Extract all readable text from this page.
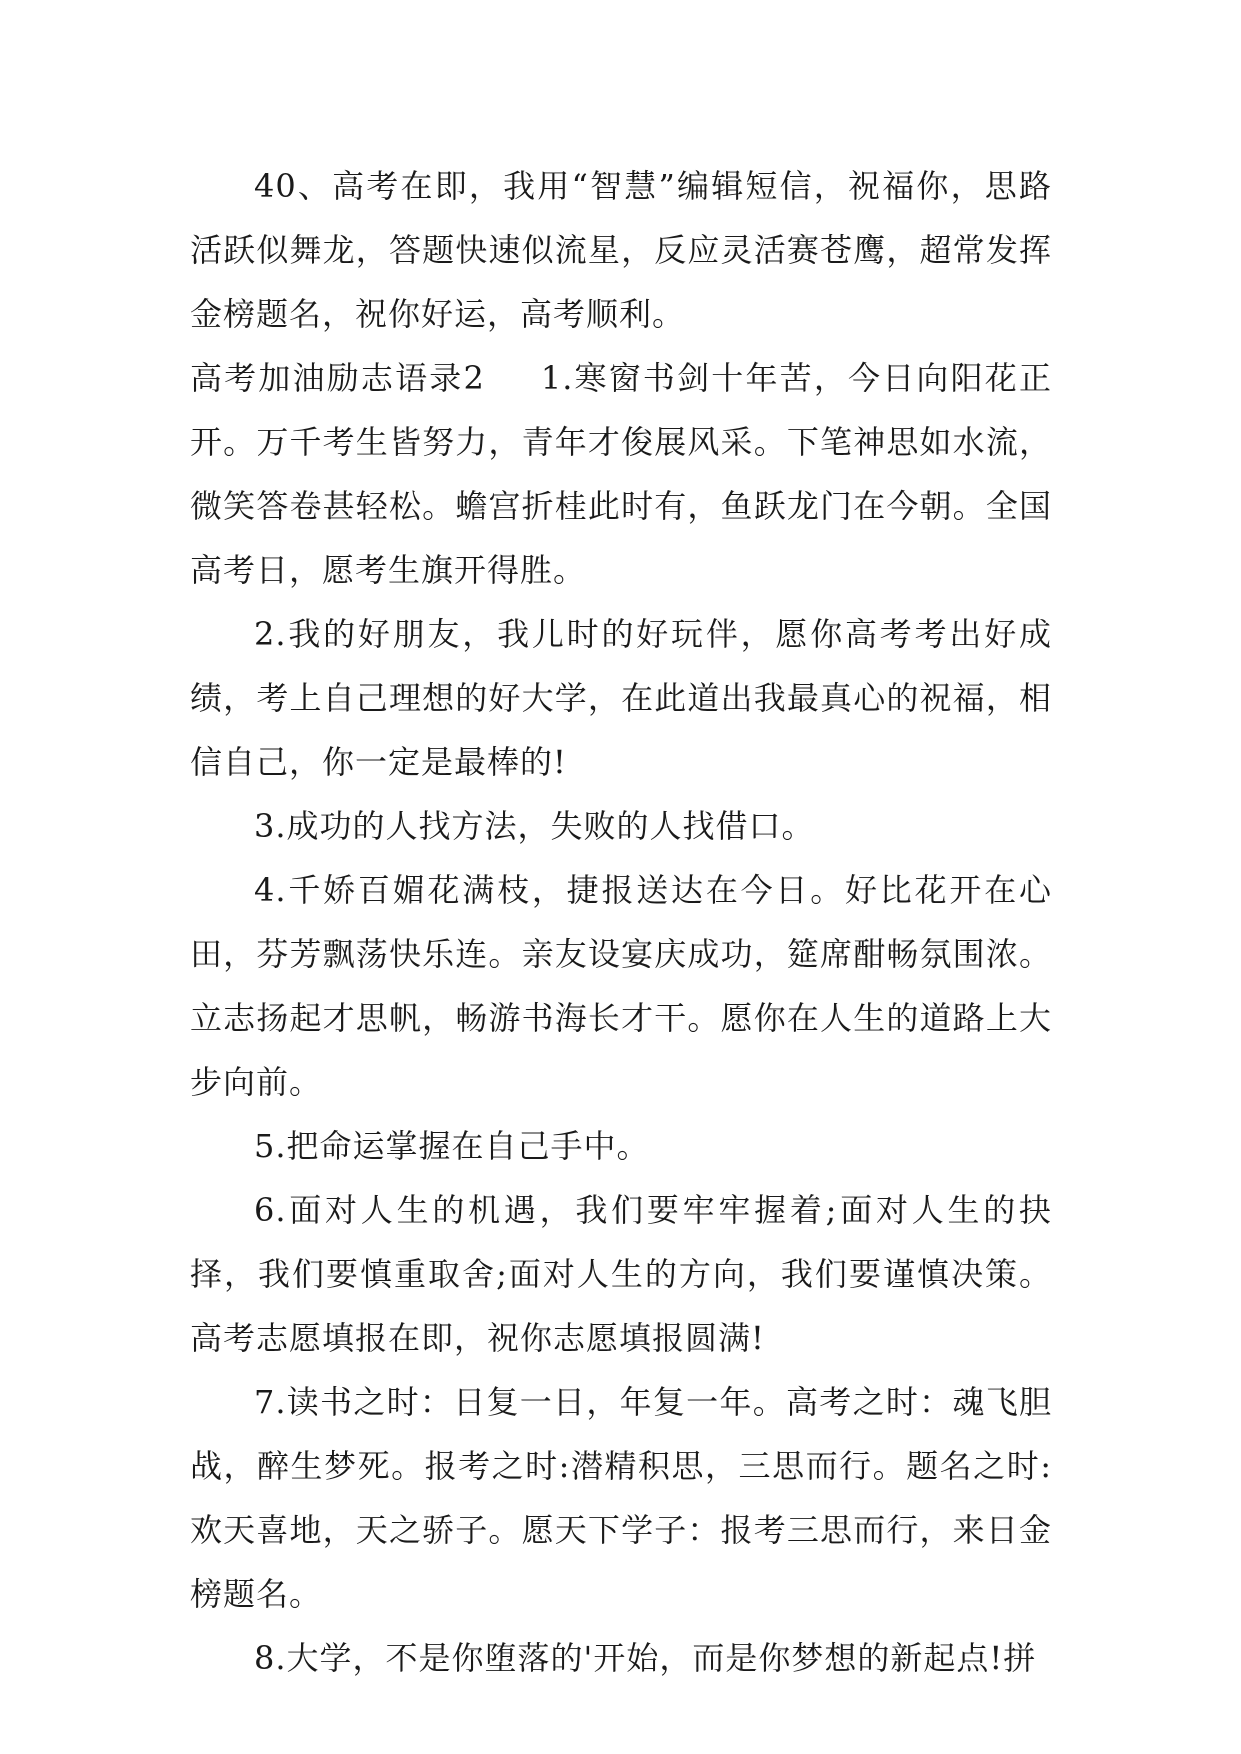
40、高考在即，我用“智慧”编辑短信，祝福你，思路活跃似舞龙，答题快速似流星，反应灵活赛苍鹰，超常发挥金榜题名，祝你好运，高考顺利。

高考加油励志语录2 1.寒窗书剑十年苦，今日向阳花正开。万千考生皆努力，青年才俊展风采。下笔神思如水流，微笑答卷甚轻松。蟾宫折桂此时有，鱼跃龙门在今朝。全国高考日，愿考生旗开得胜。

2.我的好朋友，我儿时的好玩伴，愿你高考考出好成绩，考上自己理想的好大学，在此道出我最真心的祝福，相信自己，你一定是最棒的!

3.成功的人找方法，失败的人找借口。

4.千娇百媚花满枝，捷报送达在今日。好比花开在心田，芬芳飘荡快乐连。亲友设宴庆成功，筵席酣畅氛围浓。立志扬起才思帆，畅游书海长才干。愿你在人生的道路上大步向前。

5.把命运掌握在自己手中。

6.面对人生的机遇，我们要牢牢握着;面对人生的抉择，我们要慎重取舍;面对人生的方向，我们要谨慎决策。高考志愿填报在即，祝你志愿填报圆满!

7.读书之时：日复一日，年复一年。高考之时：魂飞胆战，醉生梦死。报考之时:潜精积思，三思而行。题名之时:欢天喜地，天之骄子。愿天下学子：报考三思而行，来日金榜题名。

8.大学，不是你堕落的'开始，而是你梦想的新起点!拼
